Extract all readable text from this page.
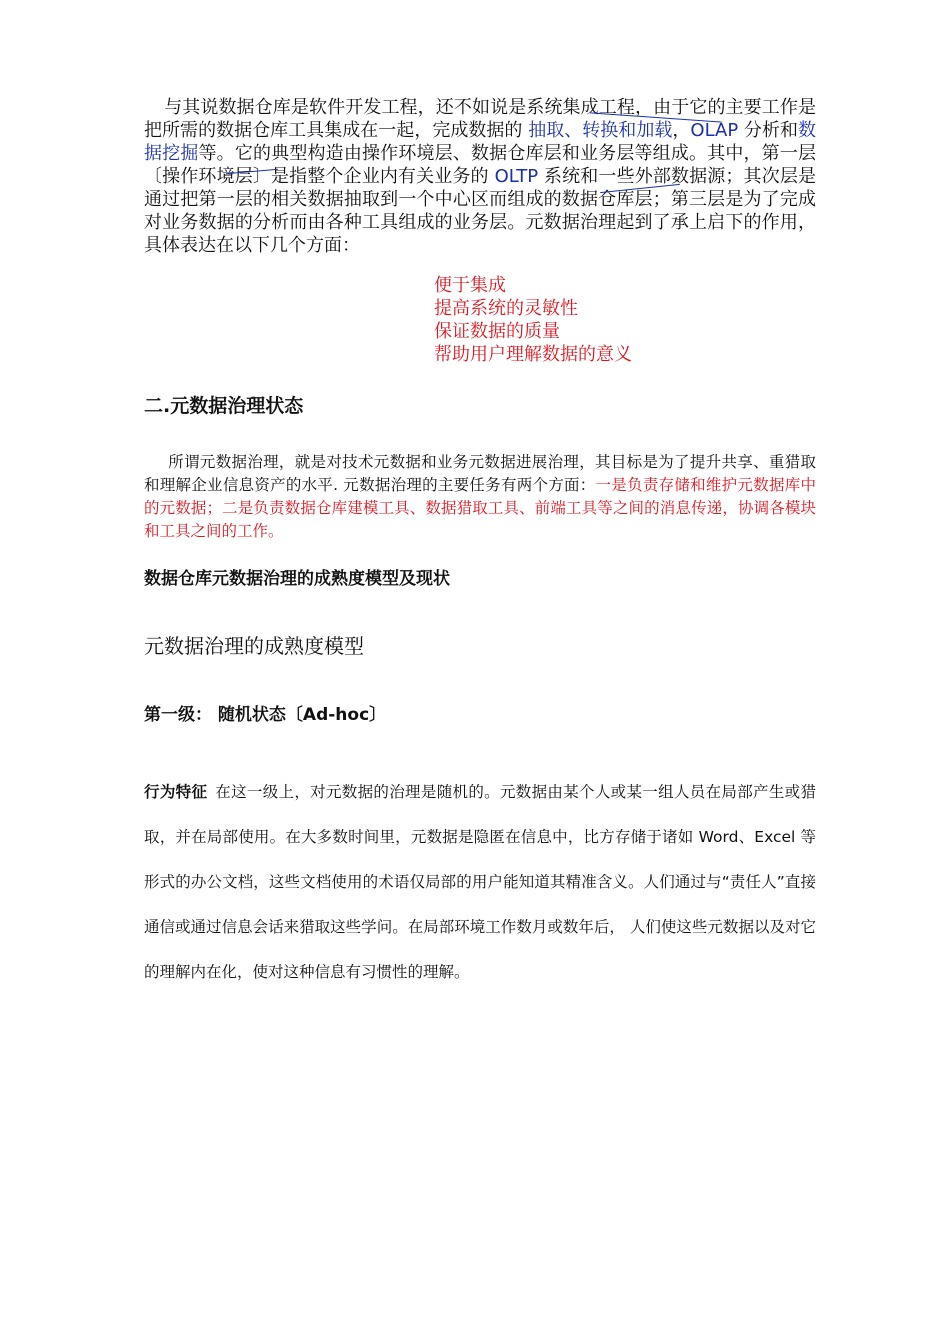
与其说数据仓库是软件开发工程，还不如说是系统集成工程，由于它的主要工作是把所需的数据仓库工具集成在一起，完成数据的 抽取、转换和加载，OLAP 分析和数据挖掘等。它的典型构造由操作环境层、数据仓库层和业务层等组成。其中，第一层〔操作环境层〕是指整个企业内有关业务的 OLTP 系统和一些外部数据源；其次层是通过把第一层的相关数据抽取到一个中心区而组成的数据仓库层；第三层是为了完成对业务数据的分析而由各种工具组成的业务层。元数据治理起到了承上启下的作用，具体表达在以下几个方面：
便于集成
提高系统的灵敏性
保证数据的质量
帮助用户理解数据的意义
二.元数据治理状态
所谓元数据治理，就是对技术元数据和业务元数据进展治理，其目标是为了提升共享、重猎取和理解企业信息资产的水平. 元数据治理的主要任务有两个方面：一是负责存储和维护元数据库中的元数据；二是负责数据仓库建模工具、数据猎取工具、前端工具等之间的消息传递，协调各模块和工具之间的工作。
数据仓库元数据治理的成熟度模型及现状
元数据治理的成熟度模型
第一级： 随机状态〔Ad-hoc〕
行为特征 在这一级上，对元数据的治理是随机的。元数据由某个人或某一组人员在局部产生或猎取，并在局部使用。在大多数时间里，元数据是隐匿在信息中，比方存储于诸如 Word、Excel 等形式的办公文档，这些文档使用的术语仅局部的用户能知道其精准含义。人们通过与“责任人”直接通信或通过信息会话来猎取这些学问。在局部环境工作数月或数年后， 人们使这些元数据以及对它的理解内在化，使对这种信息有习惯性的理解。
